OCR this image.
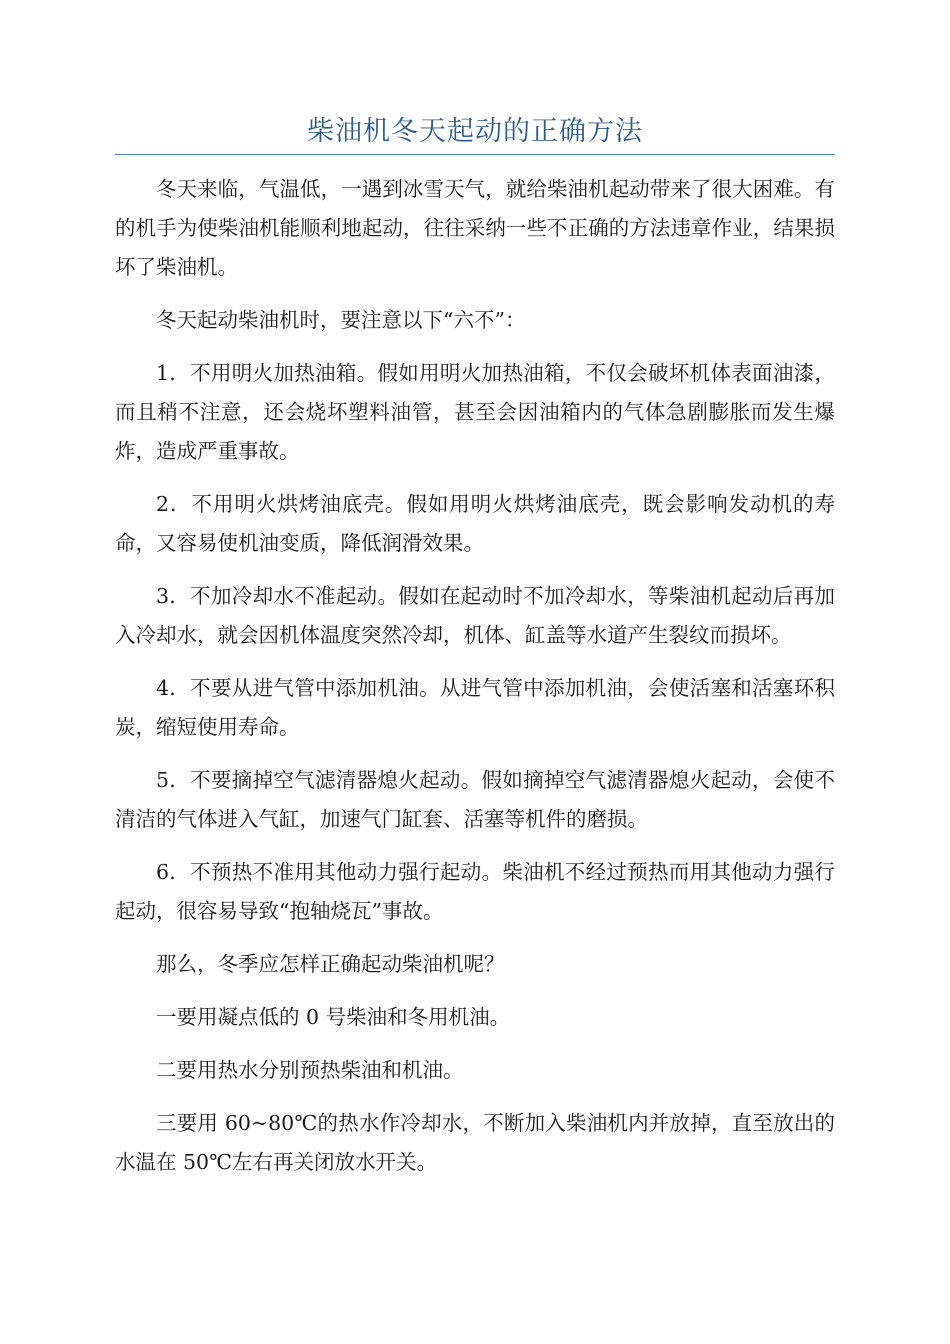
柴油机冬天起动的正确方法

冬天来临，气温低，一遇到冰雪天气，就给柴油机起动带来了很大困难。有的机手为使柴油机能顺利地起动，往往采纳一些不正确的方法违章作业，结果损坏了柴油机。

冬天起动柴油机时，要注意以下“六不”：

1．不用明火加热油箱。假如用明火加热油箱，不仅会破坏机体表面油漆，而且稍不注意，还会烧坏塑料油管，甚至会因油箱内的气体急剧膨胀而发生爆炸，造成严重事故。

2．不用明火烘烤油底壳。假如用明火烘烤油底壳，既会影响发动机的寿命，又容易使机油变质，降低润滑效果。

3．不加冷却水不准起动。假如在起动时不加冷却水，等柴油机起动后再加入冷却水，就会因机体温度突然冷却，机体、缸盖等水道产生裂纹而损坏。

4．不要从进气管中添加机油。从进气管中添加机油，会使活塞和活塞环积炭，缩短使用寿命。

5．不要摘掉空气滤清器熄火起动。假如摘掉空气滤清器熄火起动，会使不清洁的气体进入气缸，加速气门缸套、活塞等机件的磨损。

6．不预热不准用其他动力强行起动。柴油机不经过预热而用其他动力强行起动，很容易导致“抱轴烧瓦”事故。

那么，冬季应怎样正确起动柴油机呢？

一要用凝点低的 0 号柴油和冬用机油。

二要用热水分别预热柴油和机油。

三要用 60~80℃的热水作冷却水，不断加入柴油机内并放掉，直至放出的水温在 50℃左右再关闭放水开关。
